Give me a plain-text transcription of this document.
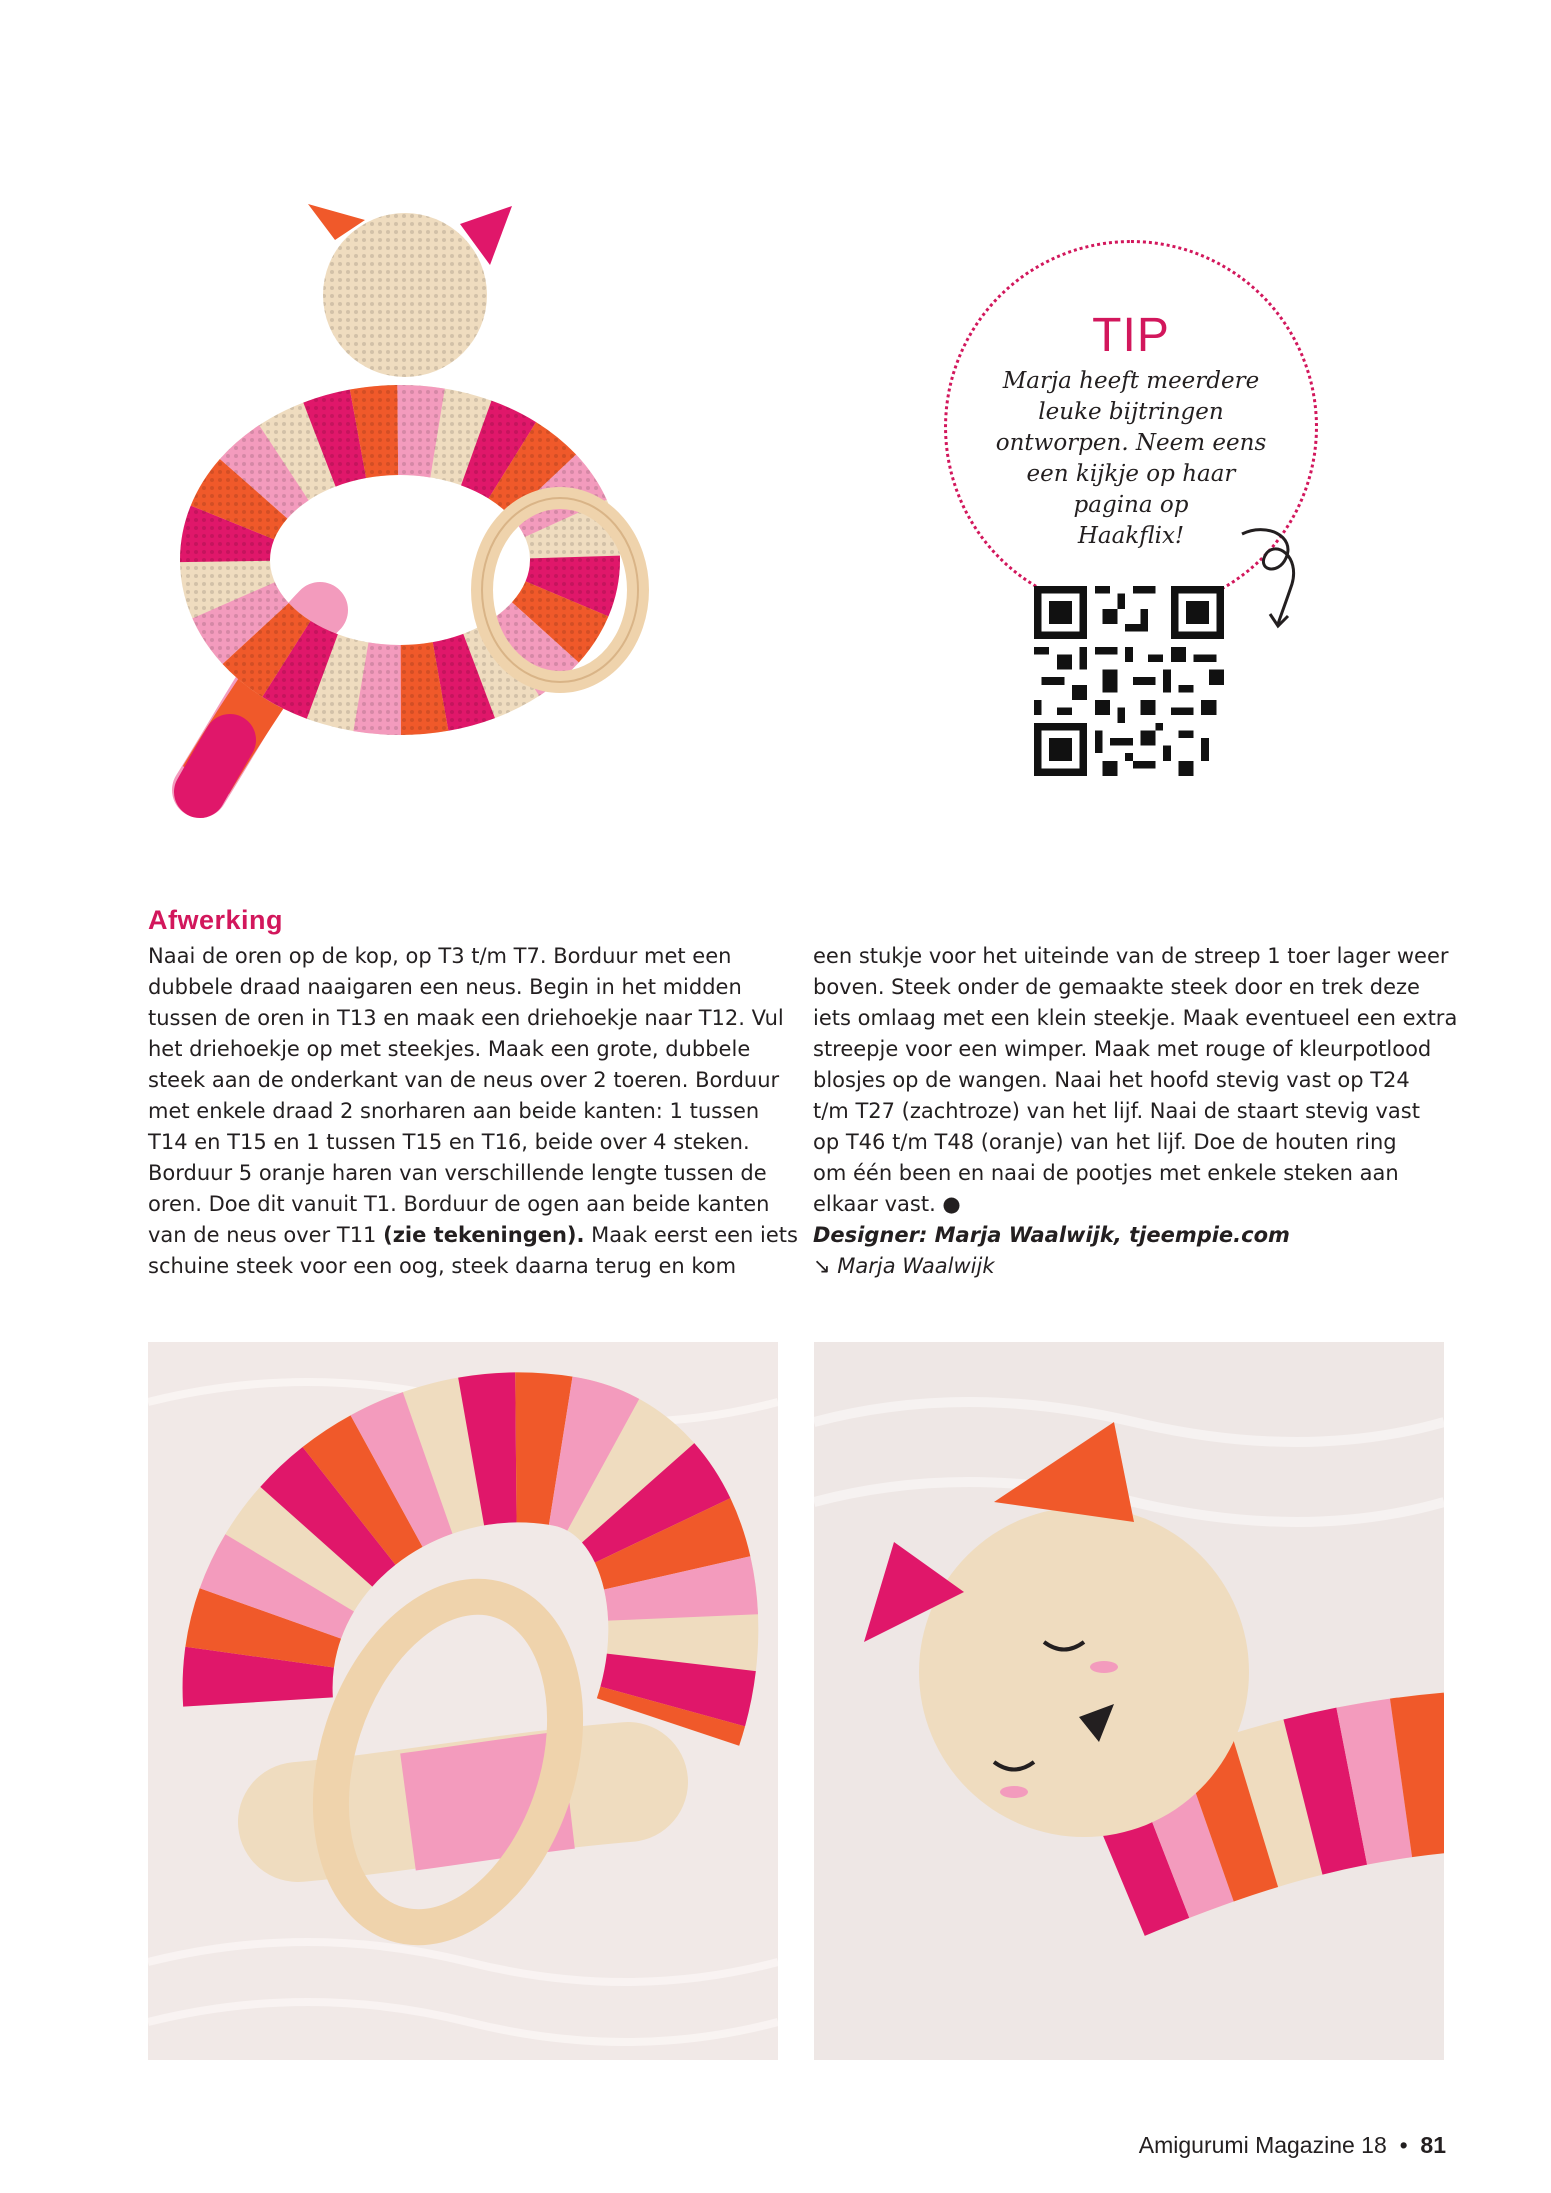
TIP
Marja heeft meerdere
leuke bijtringen
ontworpen. Neem eens
een kijkje op haar
pagina op
Haakflix!
Afwerking

Naai de oren op de kop, op T3 t/m T7. Borduur met een

dubbele draad naaigaren een neus. Begin in het midden

tussen de oren in T13 en maak een driehoekje naar T12. Vul

het driehoekje op met steekjes. Maak een grote, dubbele

steek aan de onderkant van de neus over 2 toeren. Borduur

met enkele draad 2 snorharen aan beide kanten: 1 tussen

T14 en T15 en 1 tussen T15 en T16, beide over 4 steken.

Borduur 5 oranje haren van verschillende lengte tussen de

oren. Doe dit vanuit T1. Borduur de ogen aan beide kanten

van de neus over T11 (zie tekeningen). Maak eerst een iets

schuine steek voor een oog, steek daarna terug en kom

een stukje voor het uiteinde van de streep 1 toer lager weer

boven. Steek onder de gemaakte steek door en trek deze

iets omlaag met een klein steekje. Maak eventueel een extra

streepje voor een wimper. Maak met rouge of kleurpotlood

blosjes op de wangen. Naai het hoofd stevig vast op T24

t/m T27 (zachtroze) van het lijf. Naai de staart stevig vast

op T46 t/m T48 (oranje) van het lijf. Doe de houten ring

om één been en naai de pootjes met enkele steken aan

elkaar vast. ●

Designer: Marja Waalwijk, tjeempie.com

↘ Marja Waalwijk

Amigurumi Magazine 18 • 81
